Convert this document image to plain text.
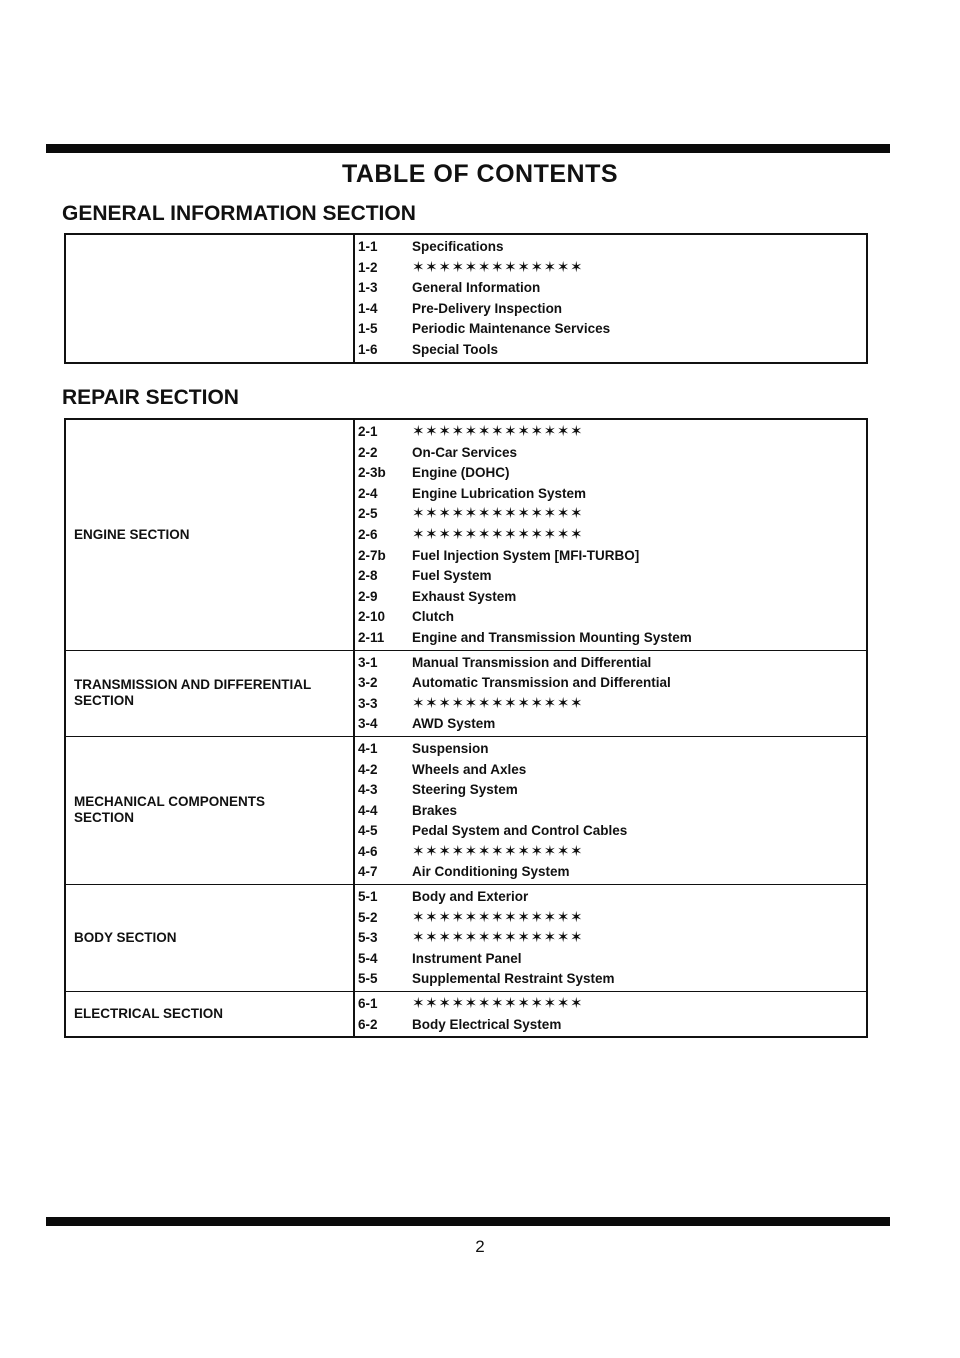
TABLE OF CONTENTS
GENERAL INFORMATION SECTION
1-1	Specifications
1-2 ✶✶✶✶✶✶✶✶✶✶✶✶✶
1-3	General Information
1-4	Pre-Delivery Inspection
1-5	Periodic Maintenance Services
1-6	Special Tools
REPAIR SECTION
ENGINE SECTION
2-1 ✶✶✶✶✶✶✶✶✶✶✶✶✶
2-2	On-Car Services
2-3b Engine (DOHC)
2-4	Engine Lubrication System
2-5 ✶✶✶✶✶✶✶✶✶✶✶✶✶
2-6 ✶✶✶✶✶✶✶✶✶✶✶✶✶
2-7b Fuel Injection System [MFI-TURBO]
2-8	Fuel System
2-9	Exhaust System
2-10 Clutch
2-11 Engine and Transmission Mounting System
TRANSMISSION AND DIFFERENTIAL
SECTION
3-1	Manual Transmission and Differential
3-2	Automatic Transmission and Differential
3-3 ✶✶✶✶✶✶✶✶✶✶✶✶✶
3-4	AWD System
MECHANICAL COMPONENTS
SECTION
4-1	Suspension
4-2	Wheels and Axles
4-3	Steering System
4-4	Brakes
4-5	Pedal System and Control Cables
4-6 ✶✶✶✶✶✶✶✶✶✶✶✶✶
4-7	Air Conditioning System
BODY SECTION
5-1	Body and Exterior
5-2 ✶✶✶✶✶✶✶✶✶✶✶✶✶
5-3 ✶✶✶✶✶✶✶✶✶✶✶✶✶
5-4	Instrument Panel
5-5	Supplemental Restraint System
ELECTRICAL SECTION
6-1 ✶✶✶✶✶✶✶✶✶✶✶✶✶
6-2	Body Electrical System
2
